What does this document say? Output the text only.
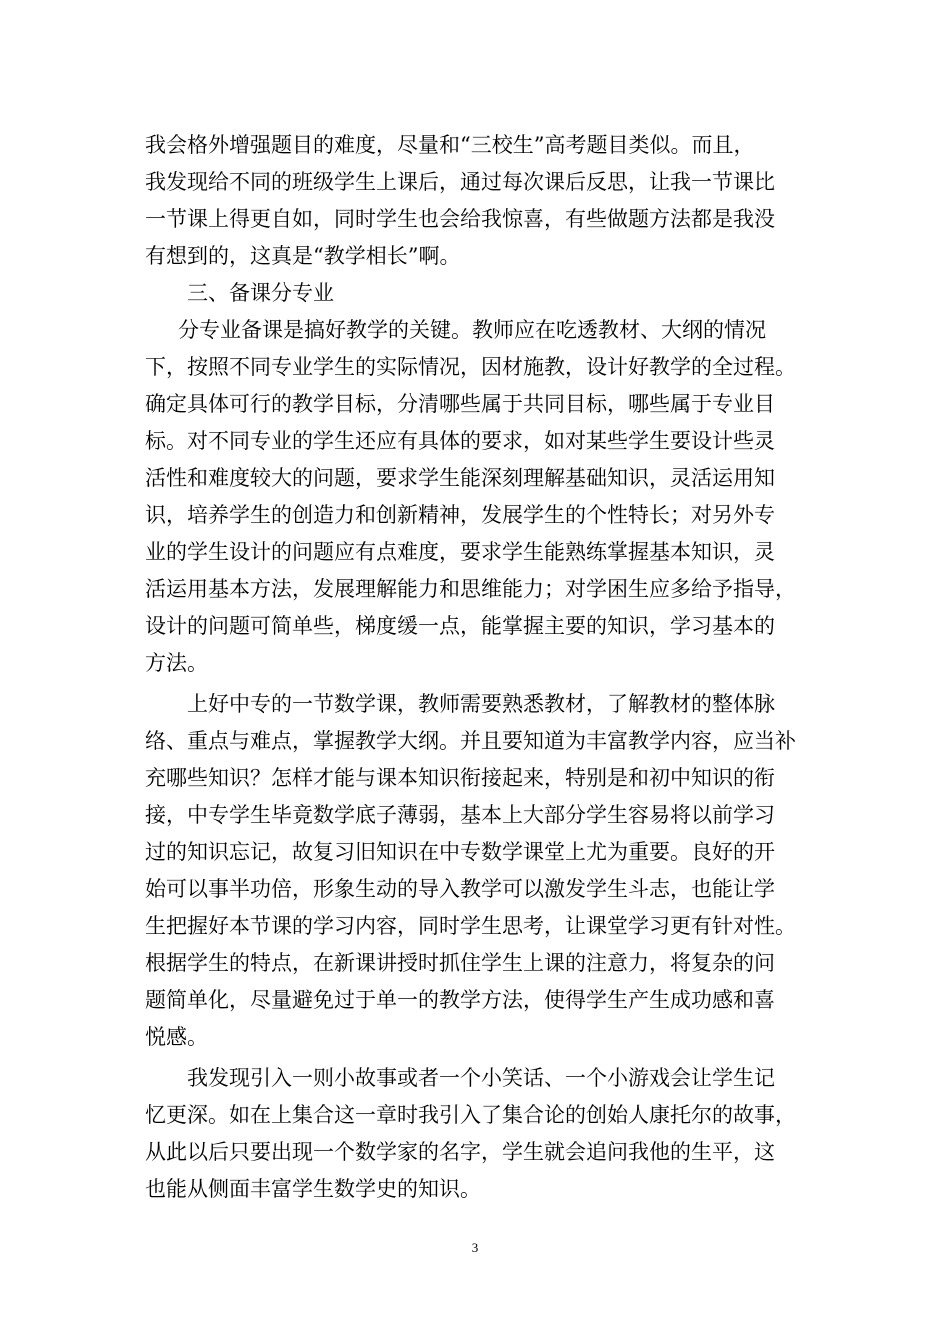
我会格外增强题目的难度，尽量和“三校生”高考题目类似。而且，
我发现给不同的班级学生上课后，通过每次课后反思，让我一节课比
一节课上得更自如，同时学生也会给我惊喜，有些做题方法都是我没
有想到的，这真是“教学相长”啊。
三、备课分专业
分专业备课是搞好教学的关键。教师应在吃透教材、大纲的情况
下，按照不同专业学生的实际情况，因材施教，设计好教学的全过程。
确定具体可行的教学目标，分清哪些属于共同目标，哪些属于专业目
标。对不同专业的学生还应有具体的要求，如对某些学生要设计些灵
活性和难度较大的问题，要求学生能深刻理解基础知识，灵活运用知
识，培养学生的创造力和创新精神，发展学生的个性特长；对另外专
业的学生设计的问题应有点难度，要求学生能熟练掌握基本知识，灵
活运用基本方法，发展理解能力和思维能力；对学困生应多给予指导，
设计的问题可简单些，梯度缓一点，能掌握主要的知识，学习基本的
方法。
上好中专的一节数学课，教师需要熟悉教材，了解教材的整体脉
络、重点与难点，掌握教学大纲。并且要知道为丰富教学内容，应当补
充哪些知识？怎样才能与课本知识衔接起来，特别是和初中知识的衔
接，中专学生毕竟数学底子薄弱，基本上大部分学生容易将以前学习
过的知识忘记，故复习旧知识在中专数学课堂上尤为重要。良好的开
始可以事半功倍，形象生动的导入教学可以激发学生斗志，也能让学
生把握好本节课的学习内容，同时学生思考，让课堂学习更有针对性。
根据学生的特点，在新课讲授时抓住学生上课的注意力，将复杂的问
题简单化，尽量避免过于单一的教学方法，使得学生产生成功感和喜
悦感。
我发现引入一则小故事或者一个小笑话、一个小游戏会让学生记
忆更深。如在上集合这一章时我引入了集合论的创始人康托尔的故事，
从此以后只要出现一个数学家的名字，学生就会追问我他的生平，这
也能从侧面丰富学生数学史的知识。
3
